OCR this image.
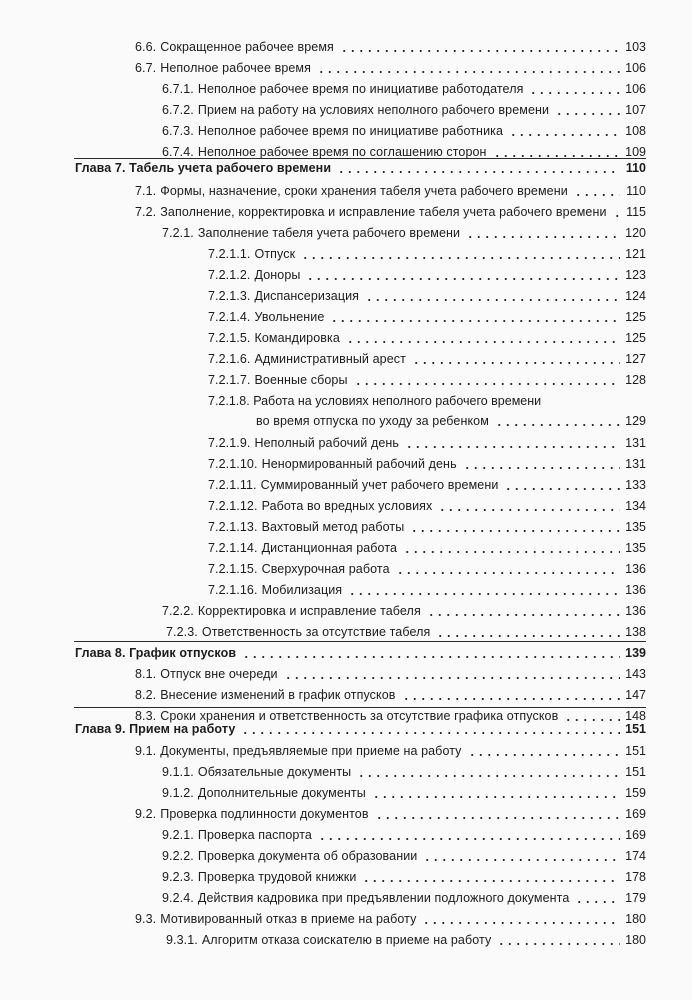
6.6. Сокращенное рабочее время	103
6.7. Неполное рабочее время	106
6.7.1. Неполное рабочее время по инициативе работодателя	106
6.7.2. Прием на работу на условиях неполного рабочего времени	107
6.7.3. Неполное рабочее время по инициативе работника	108
6.7.4. Неполное рабочее время по соглашению сторон	109
Глава 7. Табель учета рабочего времени	110
7.1. Формы, назначение, сроки хранения табеля учета рабочего времени	110
7.2. Заполнение, корректировка и исправление табеля учета рабочего времени 115
7.2.1. Заполнение табеля учета рабочего времени	120
7.2.1.1. Отпуск	121
7.2.1.2. Доноры	123
7.2.1.3. Диспансеризация	124
7.2.1.4. Увольнение	125
7.2.1.5. Командировка	125
7.2.1.6. Административный арест	127
7.2.1.7. Военные сборы	128
7.2.1.8. Работа на условиях неполного рабочего времени
во время отпуска по уходу за ребенком	129
7.2.1.9. Неполный рабочий день	131
7.2.1.10. Ненормированный рабочий день	131
7.2.1.11. Суммированный учет рабочего времени	133
7.2.1.12. Работа во вредных условиях	134
7.2.1.13. Вахтовый метод работы	135
7.2.1.14. Дистанционная работа	135
7.2.1.15. Сверхурочная работа	136
7.2.1.16. Мобилизация	136
7.2.2. Корректировка и исправление табеля	136
7.2.3. Ответственность за отсутствие табеля	138
Глава 8. График отпусков	139
8.1. Отпуск вне очереди	143
8.2. Внесение изменений в график отпусков	147
8.3. Сроки хранения и ответственность за отсутствие графика отпусков	148
Глава 9. Прием на работу	151
9.1. Документы, предъявляемые при приеме на работу	151
9.1.1. Обязательные документы	151
9.1.2. Дополнительные документы	159
9.2. Проверка подлинности документов	169
9.2.1. Проверка паспорта	169
9.2.2. Проверка документа об образовании	174
9.2.3. Проверка трудовой книжки	178
9.2.4. Действия кадровика при предъявлении подложного документа	179
9.3. Мотивированный отказ в приеме на работу	180
9.3.1. Алгоритм отказа соискателю в приеме на работу	180
